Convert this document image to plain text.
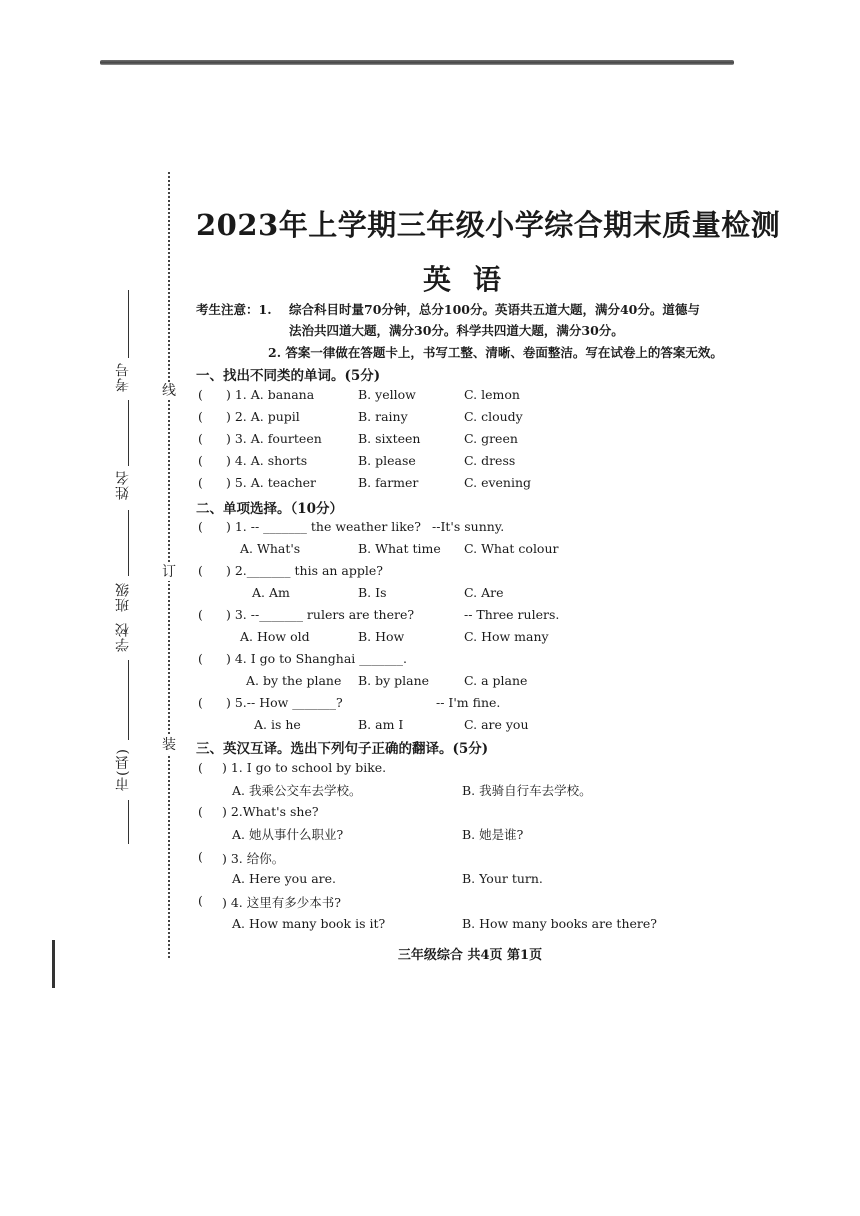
线
订
装
考号
姓名
班级
学校
市(县)
2023年上学期三年级小学综合期末质量检测
英语
考生注意：1. 综合科目时量70分钟，总分100分。英语共五道大题，满分40分。道德与
法治共四道大题，满分30分。科学共四道大题，满分30分。
2. 答案一律做在答题卡上，书写工整、清晰、卷面整洁。写在试卷上的答案无效。
一、找出不同类的单词。(5分)
( ) 1. A. banana	B. yellow	C. lemon
( ) 2. A. pupil	B. rainy	C. cloudy
( ) 3. A. fourteen	B. sixteen	C. green
( ) 4. A. shorts	B. please	C. dress
( ) 5. A. teacher	B. farmer	C. evening
二、单项选择。（10分）
( ) 1. -- _______ the weather like? --It's sunny.
A. What's	B. What time C. What colour
( ) 2._______ this an apple?
A. Am	B. Is	C. Are
( ) 3. --_______ rulers are there?	-- Three rulers.
A. How old	B. How	C. How many
( ) 4. I go to Shanghai _______.
A. by the plane B. by plane	C. a plane
( ) 5.-- How _______?	-- I'm fine.
A. is he	B. am I	C. are you
三、英汉互译。选出下列句子正确的翻译。(5分)
( ) 1. I go to school by bike.
A. 我乘公交车去学校。	B. 我骑自行车去学校。
( ) 2.What's she?
A. 她从事什么职业?	B. 她是谁?
( ) 3. 给你。
A. Here you are.	B. Your turn.
( ) 4. 这里有多少本书?
A. How many book is it?	B. How many books are there?
三年级综合 共4页 第1页
